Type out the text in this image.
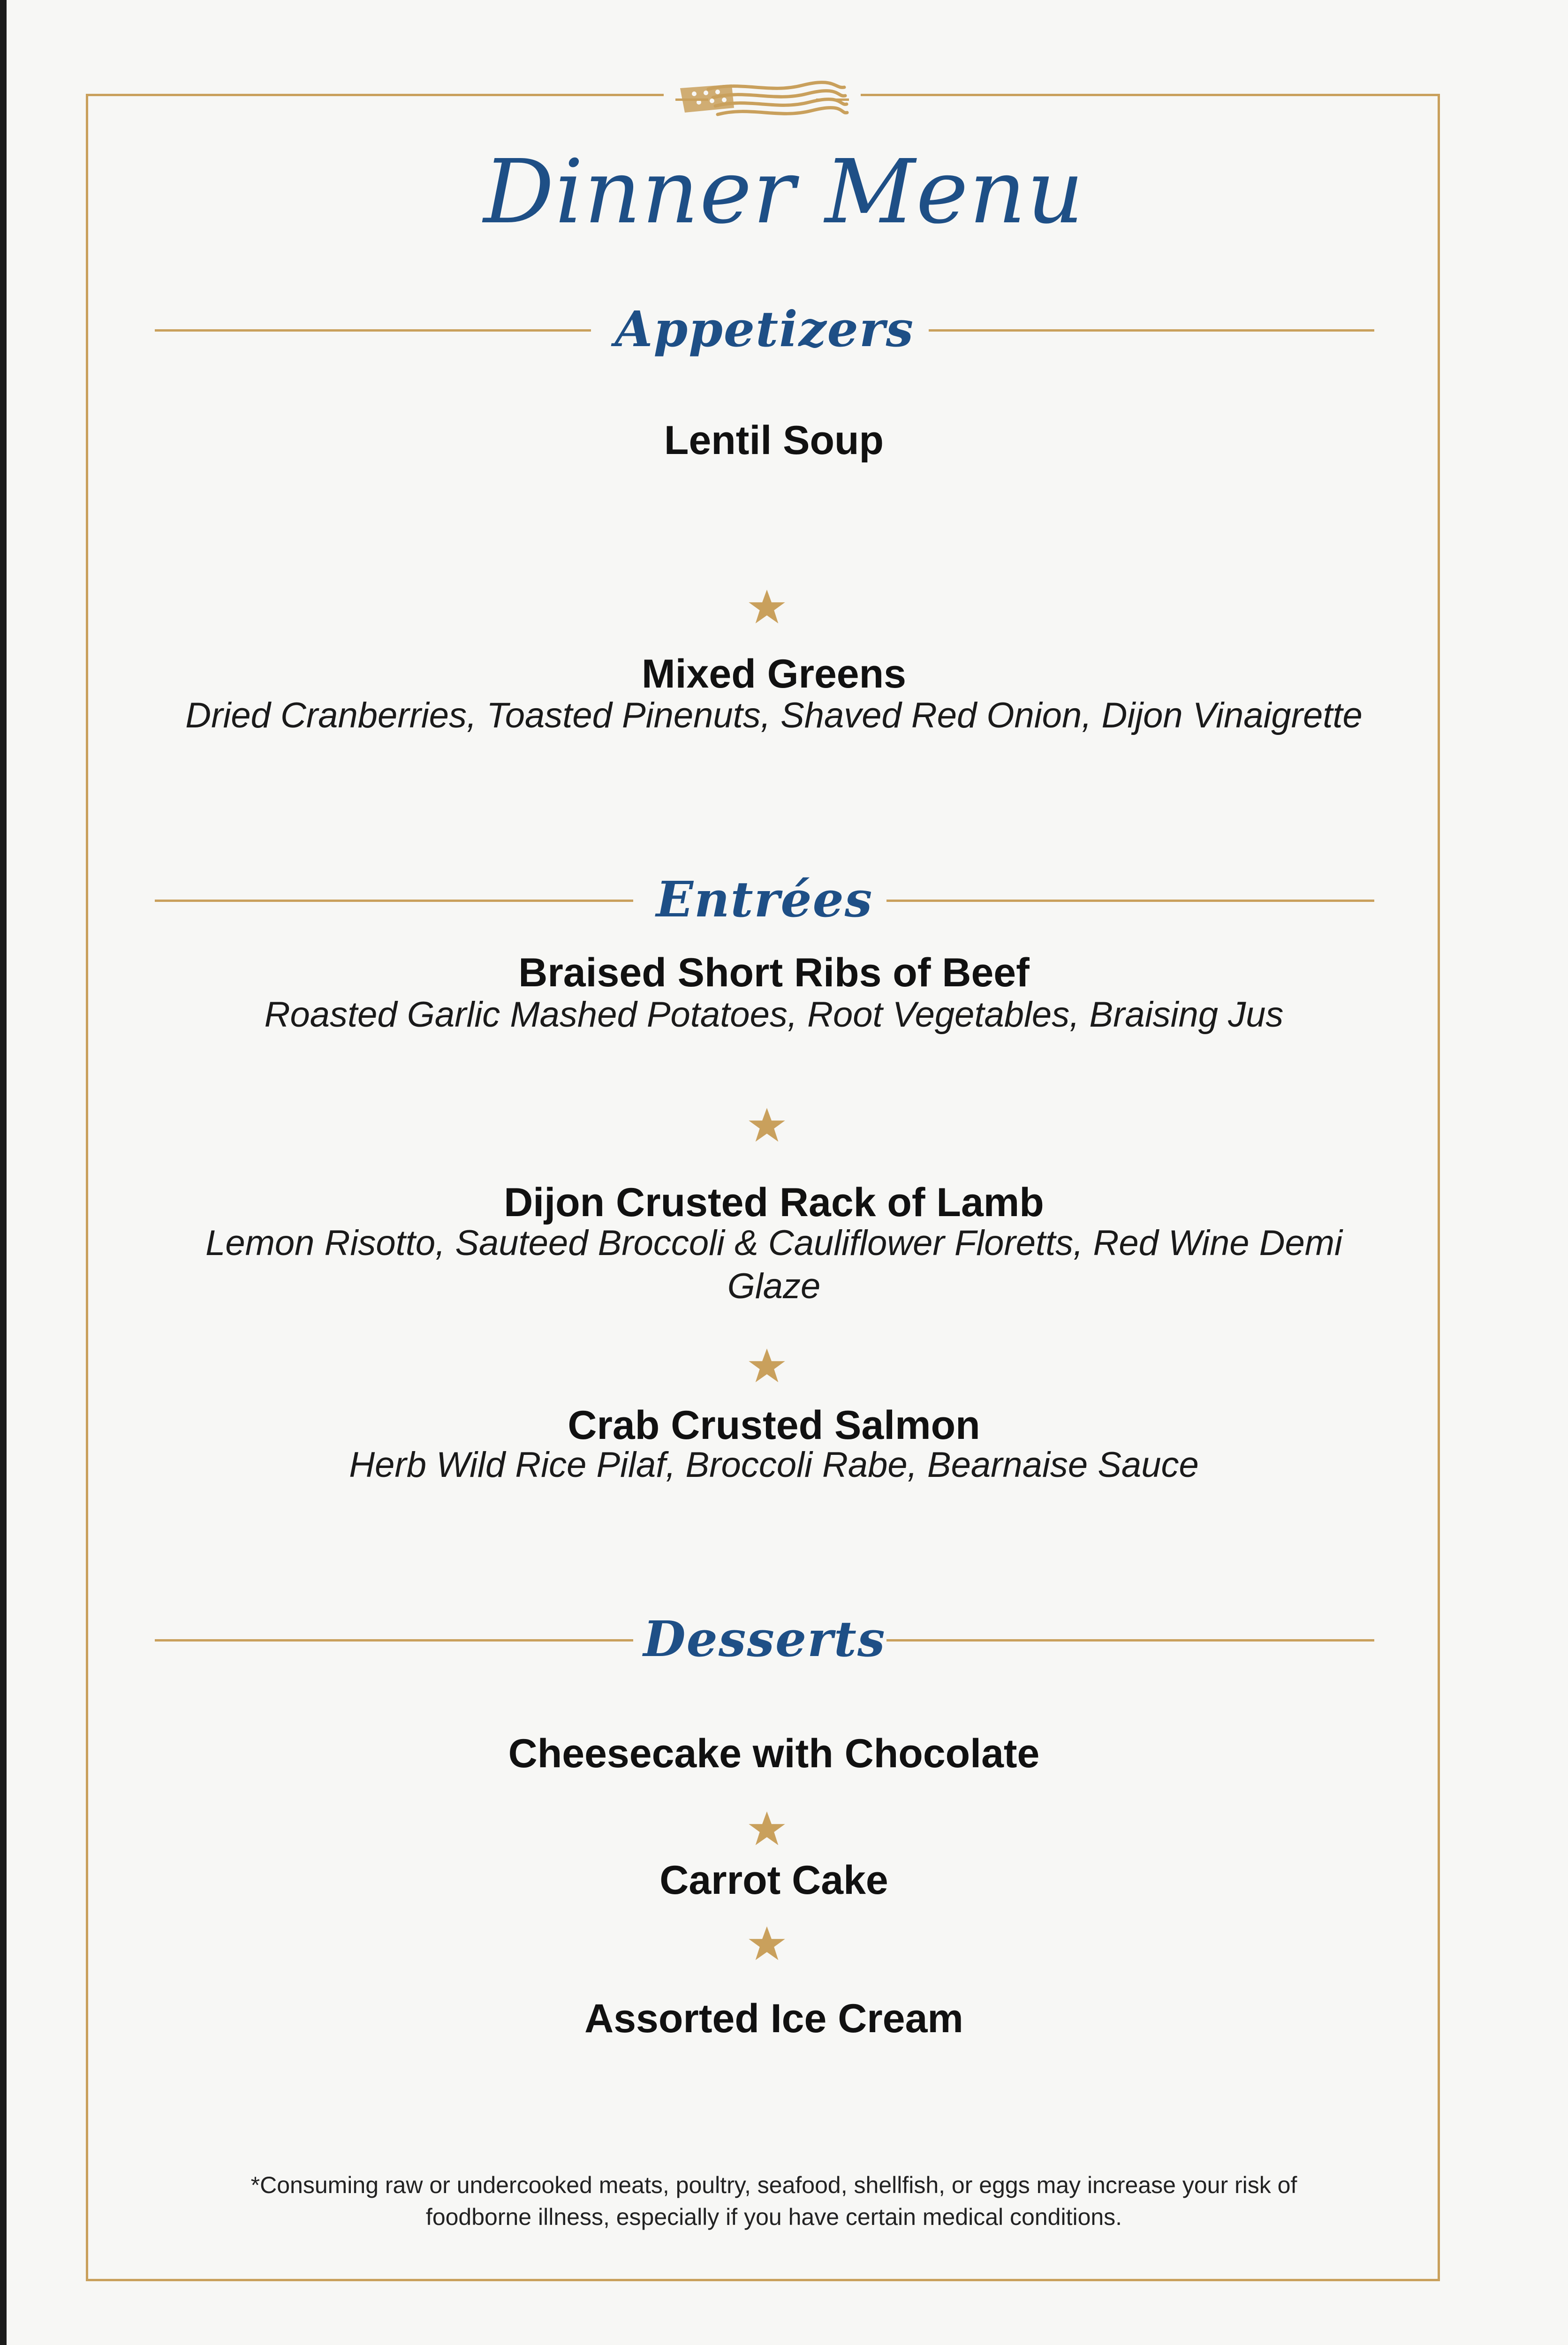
Dinner Menu
Appetizers
Lentil Soup
Mixed Greens
Dried Cranberries, Toasted Pinenuts, Shaved Red Onion, Dijon Vinaigrette
Entrées
Braised Short Ribs of Beef
Roasted Garlic Mashed Potatoes, Root Vegetables, Braising Jus
Dijon Crusted Rack of Lamb
Lemon Risotto, Sauteed Broccoli & Cauliflower Floretts, Red Wine Demi Glaze
Crab Crusted Salmon
Herb Wild Rice Pilaf, Broccoli Rabe, Bearnaise Sauce
Desserts
Cheesecake with Chocolate
Carrot Cake
Assorted Ice Cream
*Consuming raw or undercooked meats, poultry, seafood, shellfish, or eggs may increase your risk of foodborne illness, especially if you have certain medical conditions.
